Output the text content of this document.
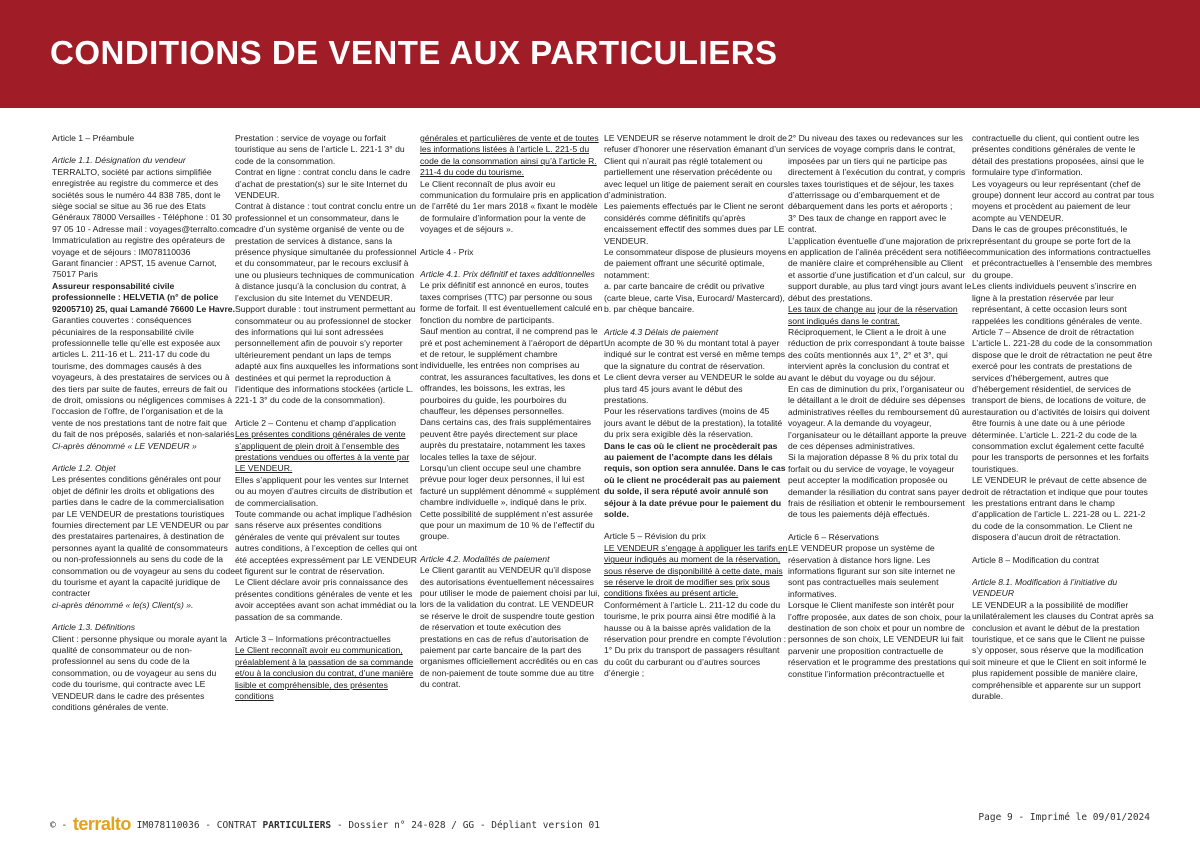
CONDITIONS DE VENTE AUX PARTICULIERS

Article 1 – Préambule

Article 1.1. Désignation du vendeur

TERRALTO, société par actions simplifiée enregistrée au registre du commerce et des sociétés sous le numéro 44 838 785, dont le siège social se situe au 36 rue des Etats Généraux 78000 Versailles - Téléphone : 01 30 97 05 10 - Adresse mail : voyages@terralto.com

Immatriculation au registre des opérateurs de voyage et de séjours : IM078110036

Garant financier : APST, 15 avenue Carnot, 75017 Paris

Assureur responsabilité civile professionnelle : HELVETIA (n° de police 92005710) 25, quai Lamandé 76600 Le Havre.

Garanties couvertes : conséquences pécuniaires de la responsabilité civile professionnelle telle qu’elle est exposée aux articles L. 211-16 et L. 211-17 du code du tourisme, des dommages causés à des voyageurs, à des prestataires de services ou à des tiers par suite de fautes, erreurs de fait ou de droit, omissions ou négligences commises à l’occasion de l’offre, de l’organisation et de la vente de nos prestations tant de notre fait que du fait de nos préposés, salariés et non-salariés

Ci-après dénommé « LE VENDEUR »

Article 1.2. Objet

Les présentes conditions générales ont pour objet de définir les droits et obligations des parties dans le cadre de la commercialisation par LE VENDEUR de prestations touristiques fournies directement par LE VENDEUR ou par des prestataires partenaires, à destination de personnes ayant la qualité de consommateurs ou non-professionnels au sens du code de la consommation ou de voyageur au sens du code du tourisme et ayant la capacité juridique de contracter

ci-après dénommé « le(s) Client(s) ».

Article 1.3. Définitions

Client : personne physique ou morale ayant la qualité de consommateur ou de non-professionnel au sens du code de la consommation, ou de voyageur au sens du code du tourisme, qui contracte avec LE VENDEUR dans le cadre des présentes conditions générales de vente.

Prestation : service de voyage ou forfait touristique au sens de l’article L. 221-1 3° du code de la consommation.

Contrat en ligne : contrat conclu dans le cadre d’achat de prestation(s) sur le site Internet du VENDEUR.

Contrat à distance : tout contrat conclu entre un professionnel et un consommateur, dans le cadre d’un système organisé de vente ou de prestation de services à distance, sans la présence physique simultanée du professionnel et du consommateur, par le recours exclusif à une ou plusieurs techniques de communication à distance jusqu’à la conclusion du contrat, à l’exclusion du site Internet du VENDEUR.

Support durable : tout instrument permettant au consommateur ou au professionnel de stocker des informations qui lui sont adressées personnellement afin de pouvoir s’y reporter ultérieurement pendant un laps de temps adapté aux fins auxquelles les informations sont destinées et qui permet la reproduction à l’identique des informations stockées (article L. 221-1 3° du code de la consommation).

Article 2 – Contenu et champ d’application

Les présentes conditions générales de vente s’appliquent de plein droit à l’ensemble des prestations vendues ou offertes à la vente par LE VENDEUR.

Elles s’appliquent pour les ventes sur Internet ou au moyen d’autres circuits de distribution et de commercialisation.

Toute commande ou achat implique l’adhésion sans réserve aux présentes conditions générales de vente qui prévalent sur toutes autres conditions, à l’exception de celles qui ont été acceptées expressément par LE VENDEUR et figurent sur le contrat de réservation.

Le Client déclare avoir pris connaissance des présentes conditions générales de vente et les avoir acceptées avant son achat immédiat ou la passation de sa commande.

Article 3 – Informations précontractuelles

Le Client reconnaît avoir eu communication, préalablement à la passation de sa commande et/ou à la conclusion du contrat, d’une manière lisible et compréhensible, des présentes conditions

générales et particulières de vente et de toutes les informations listées à l’article L. 221-5 du code de la consommation ainsi qu’à l’article R. 211-4 du code du tourisme.

Le Client reconnaît de plus avoir eu communication du formulaire pris en application de l’arrêté du 1er mars 2018 « fixant le modèle de formulaire d’information pour la vente de voyages et de séjours ».

Article 4 - Prix

Article 4.1. Prix définitif et taxes additionnelles

Le prix définitif est annoncé en euros, toutes taxes comprises (TTC) par personne ou sous forme de forfait. Il est éventuellement calculé en fonction du nombre de participants.

Sauf mention au contrat, il ne comprend pas le pré et post acheminement à l’aéroport de départ et de retour, le supplément chambre individuelle, les entrées non comprises au contrat, les assurances facultatives, les dons et offrandes, les boissons, les extras, les pourboires du guide, les pourboires du chauffeur, les dépenses personnelles.

Dans certains cas, des frais supplémentaires peuvent être payés directement sur place auprès du prestataire, notamment les taxes locales telles la taxe de séjour.

Lorsqu’un client occupe seul une chambre prévue pour loger deux personnes, il lui est facturé un supplément dénommé « supplément chambre individuelle », indiqué dans le prix. Cette possibilité de supplément n’est assurée que pour un maximum de 10 % de l’effectif du groupe.

Article 4.2. Modalités de paiement

Le Client garantit au VENDEUR qu’il dispose des autorisations éventuellement nécessaires pour utiliser le mode de paiement choisi par lui, lors de la validation du contrat. LE VENDEUR se réserve le droit de suspendre toute gestion de réservation et toute exécution des prestations en cas de refus d’autorisation de paiement par carte bancaire de la part des organismes officiellement accrédités ou en cas de non-paiement de toute somme due au titre du contrat.

LE VENDEUR se réserve notamment le droit de refuser d’honorer une réservation émanant d’un Client qui n’aurait pas réglé totalement ou partiellement une réservation précédente ou avec lequel un litige de paiement serait en cours d’administration.

Les paiements effectués par le Client ne seront considérés comme définitifs qu’après encaissement effectif des sommes dues par LE VENDEUR.

Le consommateur dispose de plusieurs moyens de paiement offrant une sécurité optimale, notamment:

a. par carte bancaire de crédit ou privative (carte bleue, carte Visa, Eurocard/ Mastercard),

b. par chèque bancaire.

Article 4.3 Délais de paiement

Un acompte de 30 % du montant total à payer indiqué sur le contrat est versé en même temps que la signature du contrat de réservation.

Le client devra verser au VENDEUR le solde au plus tard 45 jours avant le début des prestations.

Pour les réservations tardives (moins de 45 jours avant le début de la prestation), la totalité du prix sera exigible dès la réservation.

Dans le cas où le client ne procèderait pas au paiement de l’acompte dans les délais requis, son option sera annulée. Dans le cas où le client ne procéderait pas au paiement du solde, il sera réputé avoir annulé son séjour à la date prévue pour le paiement du solde.

Article 5 – Révision du prix

LE VENDEUR s’engage à appliquer les tarifs en vigueur indiqués au moment de la réservation, sous réserve de disponibilité à cette date, mais se réserve le droit de modifier ses prix sous conditions fixées au présent article.

Conformément à l’article L. 211-12 du code du tourisme, le prix pourra ainsi être modifié à la hausse ou à la baisse après validation de la réservation pour prendre en compte l’évolution :

1° Du prix du transport de passagers résultant du coût du carburant ou d’autres sources d’énergie ;

2° Du niveau des taxes ou redevances sur les services de voyage compris dans le contrat, imposées par un tiers qui ne participe pas directement à l’exécution du contrat, y compris les taxes touristiques et de séjour, les taxes d’atterrissage ou d’embarquement et de débarquement dans les ports et aéroports ;

3° Des taux de change en rapport avec le contrat.

L’application éventuelle d’une majoration de prix en application de l’alinéa précédent sera notifiée de manière claire et compréhensible au Client et assortie d’une justification et d’un calcul, sur support durable, au plus tard vingt jours avant le début des prestations.

Les taux de change au jour de la réservation sont indiqués dans le contrat.

Réciproquement, le Client a le droit à une réduction de prix correspondant à toute baisse des coûts mentionnés aux 1°, 2° et 3°, qui intervient après la conclusion du contrat et avant le début du voyage ou du séjour.

En cas de diminution du prix, l’organisateur ou le détaillant a le droit de déduire ses dépenses administratives réelles du remboursement dû au voyageur. A la demande du voyageur, l’organisateur ou le détaillant apporte la preuve de ces dépenses administratives.

Si la majoration dépasse 8 % du prix total du forfait ou du service de voyage, le voyageur peut accepter la modification proposée ou demander la résiliation du contrat sans payer de frais de résiliation et obtenir le remboursement de tous les paiements déjà effectués.

Article 6 – Réservations

LE VENDEUR propose un système de réservation à distance hors ligne. Les informations figurant sur son site internet ne sont pas contractuelles mais seulement informatives.

Lorsque le Client manifeste son intérêt pour l’offre proposée, aux dates de son choix, pour la destination de son choix et pour un nombre de personnes de son choix, LE VENDEUR lui fait parvenir une proposition contractuelle de réservation et le programme des prestations qui constitue l’information précontractuelle et

contractuelle du client, qui contient outre les présentes conditions générales de vente le détail des prestations proposées, ainsi que le formulaire type d’information.

Les voyageurs ou leur représentant (chef de groupe) donnent leur accord au contrat par tous moyens et procèdent au paiement de leur acompte au VENDEUR.

Dans le cas de groupes préconstitués, le représentant du groupe se porte fort de la communication des informations contractuelles et précontractuelles à l’ensemble des membres du groupe.

Les clients individuels peuvent s’inscrire en ligne à la prestation réservée par leur représentant, à cette occasion leurs sont rappelées les conditions générales de vente.

Article 7 – Absence de droit de rétractation

L’article L. 221-28 du code de la consommation dispose que le droit de rétractation ne peut être exercé pour les contrats de prestations de services d’hébergement, autres que d’hébergement résidentiel, de services de transport de biens, de locations de voiture, de restauration ou d’activités de loisirs qui doivent être fournis à une date ou à une période déterminée. L’article L. 221-2 du code de la consommation exclut également cette faculté pour les transports de personnes et les forfaits touristiques.

LE VENDEUR le prévaut de cette absence de droit de rétractation et indique que pour toutes les prestations entrant dans le champ d’application de l’article L. 221-28 ou L. 221-2 du code de la consommation. Le Client ne disposera d’aucun droit de rétractation.

Article 8 – Modification du contrat

Article 8.1. Modification à l’initiative du VENDEUR

LE VENDEUR a la possibilité de modifier unilatéralement les clauses du Contrat après sa conclusion et avant le début de la prestation touristique, et ce sans que le Client ne puisse s’y opposer, sous réserve que la modification soit mineure et que le Client en soit informé le plus rapidement possible de manière claire, compréhensible et apparente sur un support durable.

© - terralto IM078110036 - CONTRAT PARTICULIERS - Dossier n° 24-028 / GG - Dépliant version 01
Page 9 - Imprimé le 09/01/2024
